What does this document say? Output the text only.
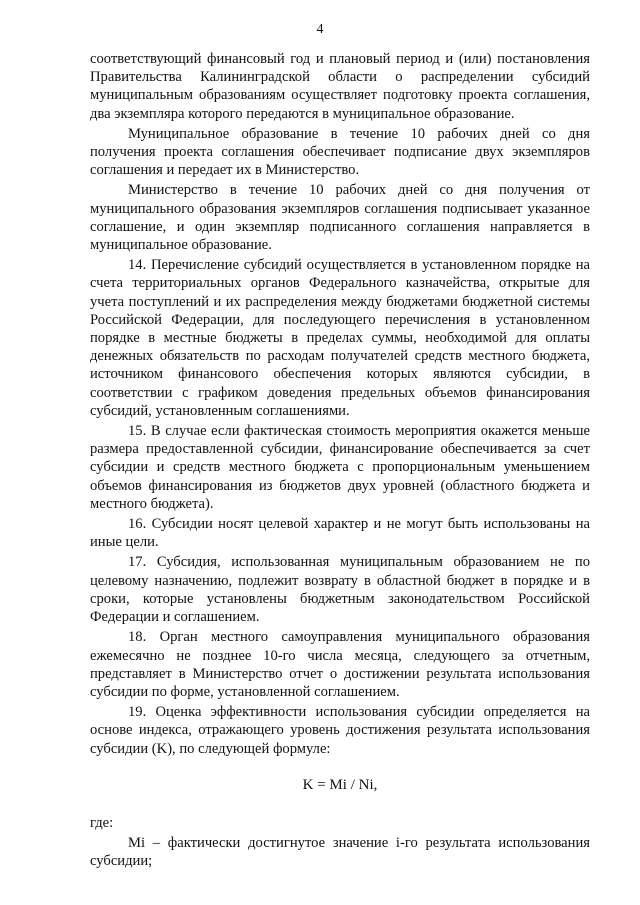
4

соответствующий финансовый год и плановый период и (или) постановления Правительства Калининградской области о распределении субсидий муниципальным образованиям осуществляет подготовку проекта соглашения, два экземпляра которого передаются в муниципальное образование.

Муниципальное образование в течение 10 рабочих дней со дня получения проекта соглашения обеспечивает подписание двух экземпляров соглашения и передает их в Министерство.

Министерство в течение 10 рабочих дней со дня получения от муниципального образования экземпляров соглашения подписывает указанное соглашение, и один экземпляр подписанного соглашения направляется в муниципальное образование.

14. Перечисление субсидий осуществляется в установленном порядке на счета территориальных органов Федерального казначейства, открытые для учета поступлений и их распределения между бюджетами бюджетной системы Российской Федерации, для последующего перечисления в установленном порядке в местные бюджеты в пределах суммы, необходимой для оплаты денежных обязательств по расходам получателей средств местного бюджета, источником финансового обеспечения которых являются субсидии, в соответствии с графиком доведения предельных объемов финансирования субсидий, установленным соглашениями.

15. В случае если фактическая стоимость мероприятия окажется меньше размера предоставленной субсидии, финансирование обеспечивается за счет субсидии и средств местного бюджета с пропорциональным уменьшением объемов финансирования из бюджетов двух уровней (областного бюджета и местного бюджета).

16. Субсидии носят целевой характер и не могут быть использованы на иные цели.

17. Субсидия, использованная муниципальным образованием не по целевому назначению, подлежит возврату в областной бюджет в порядке и в сроки, которые установлены бюджетным законодательством Российской Федерации и соглашением.

18. Орган местного самоуправления муниципального образования ежемесячно не позднее 10-го числа месяца, следующего за отчетным, представляет в Министерство отчет о достижении результата использования субсидии по форме, установленной соглашением.

19. Оценка эффективности использования субсидии определяется на основе индекса, отражающего уровень достижения результата использования субсидии (K), по следующей формуле:

K = Mi / Ni,

где:

Mi – фактически достигнутое значение i-го результата использования субсидии;
